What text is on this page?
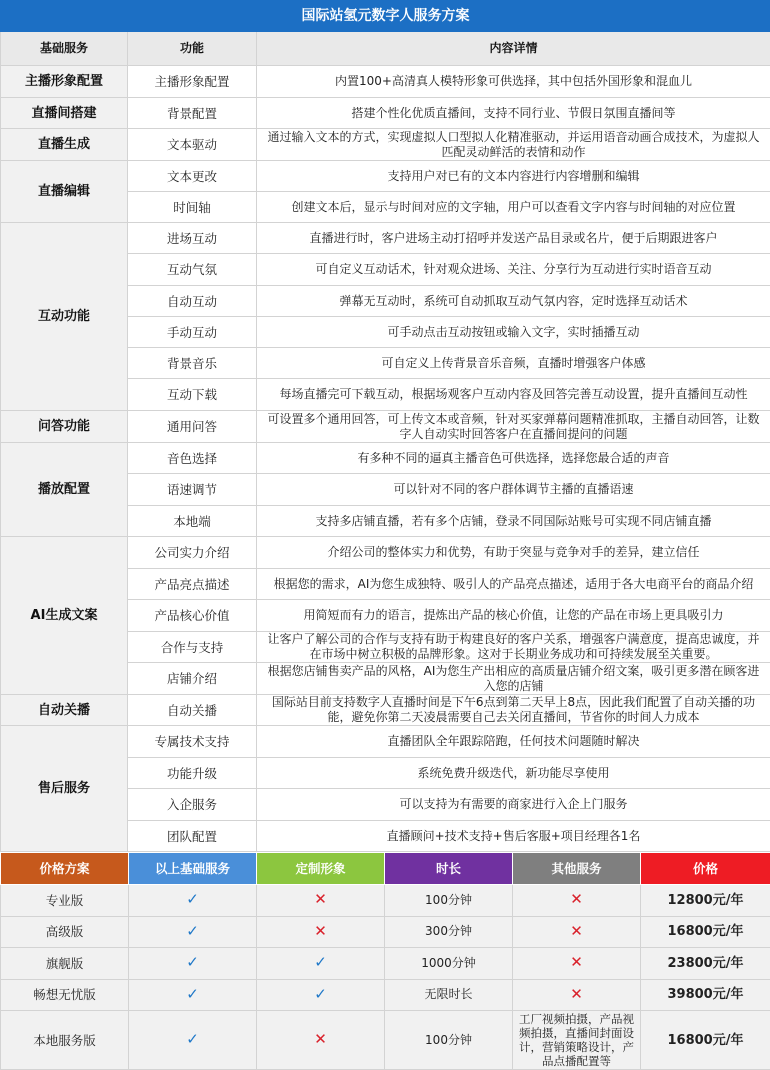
国际站氢元数字人服务方案		
基础服务	功能	内容详情
主播形象配置	主播形象配置	内置100+高清真人模特形象可供选择，其中包括外国形象和混血儿
直播间搭建	背景配置	搭建个性化优质直播间，支持不同行业、节假日氛围直播间等
直播生成	文本驱动	通过输入文本的方式，实现虚拟人口型拟人化精准驱动，并运用语音动画合成技术，为虚拟人匹配灵动鲜活的表情和动作
直播编辑	文本更改	支持用户对已有的文本内容进行内容增删和编辑
	时间轴	创建文本后，显示与时间对应的文字轴，用户可以查看文字内容与时间轴的对应位置
互动功能	进场互动	直播进行时，客户进场主动打招呼并发送产品目录或名片，便于后期跟进客户
	互动气氛	可自定义互动话术，针对观众进场、关注、分享行为互动进行实时语音互动
	自动互动	弹幕无互动时，系统可自动抓取互动气氛内容，定时选择互动话术
	手动互动	可手动点击互动按钮或输入文字，实时插播互动
	背景音乐	可自定义上传背景音乐音频，直播时增强客户体感
	互动下载	每场直播完可下载互动，根据场观客户互动内容及回答完善互动设置，提升直播间互动性
问答功能	通用问答	可设置多个通用回答，可上传文本或音频，针对买家弹幕问题精准抓取，主播自动回答，让数字人自动实时回答客户在直播间提问的问题
播放配置	音色选择	有多种不同的逼真主播音色可供选择，选择您最合适的声音
	语速调节	可以针对不同的客户群体调节主播的直播语速
	本地端	支持多店铺直播，若有多个店铺，登录不同国际站账号可实现不同店铺直播
AI生成文案	公司实力介绍	介绍公司的整体实力和优势，有助于突显与竞争对手的差异，建立信任
	产品亮点描述	根据您的需求，AI为您生成独特、吸引人的产品亮点描述，适用于各大电商平台的商品介绍
	产品核心价值	用简短而有力的语言，提炼出产品的核心价值，让您的产品在市场上更具吸引力
	合作与支持	让客户了解公司的合作与支持有助于构建良好的客户关系，增强客户满意度，提高忠诚度，并在市场中树立积极的品牌形象。这对于长期业务成功和可持续发展至关重要。
	店铺介绍	根据您店铺售卖产品的风格，AI为您生产出相应的高质量店铺介绍文案，吸引更多潜在顾客进入您的店铺
自动关播	自动关播	国际站目前支持数字人直播时间是下午6点到第二天早上8点，因此我们配置了自动关播的功能，避免你第二天凌晨需要自己去关闭直播间，节省你的时间人力成本
售后服务	专属技术支持	直播团队全年跟踪陪跑，任何技术问题随时解决
	功能升级	系统免费升级迭代，新功能尽享使用
	入企服务	可以支持为有需要的商家进行入企上门服务
	团队配置	直播顾问+技术支持+售后客服+项目经理各1名
价格方案	以上基础服务	定制形象	时长	其他服务	价格
专业版	✓	✕	100分钟	✕	12800元/年
高级版	✓	✕	300分钟	✕	16800元/年
旗舰版	✓	✓	1000分钟	✕	23800元/年
畅想无忧版	✓	✓	无限时长	✕	39800元/年
本地服务版	✓	✕	100分钟	工厂视频拍摄，产品视频拍摄，直播间封面设计，营销策略设计，产品点播配置等	16800元/年
